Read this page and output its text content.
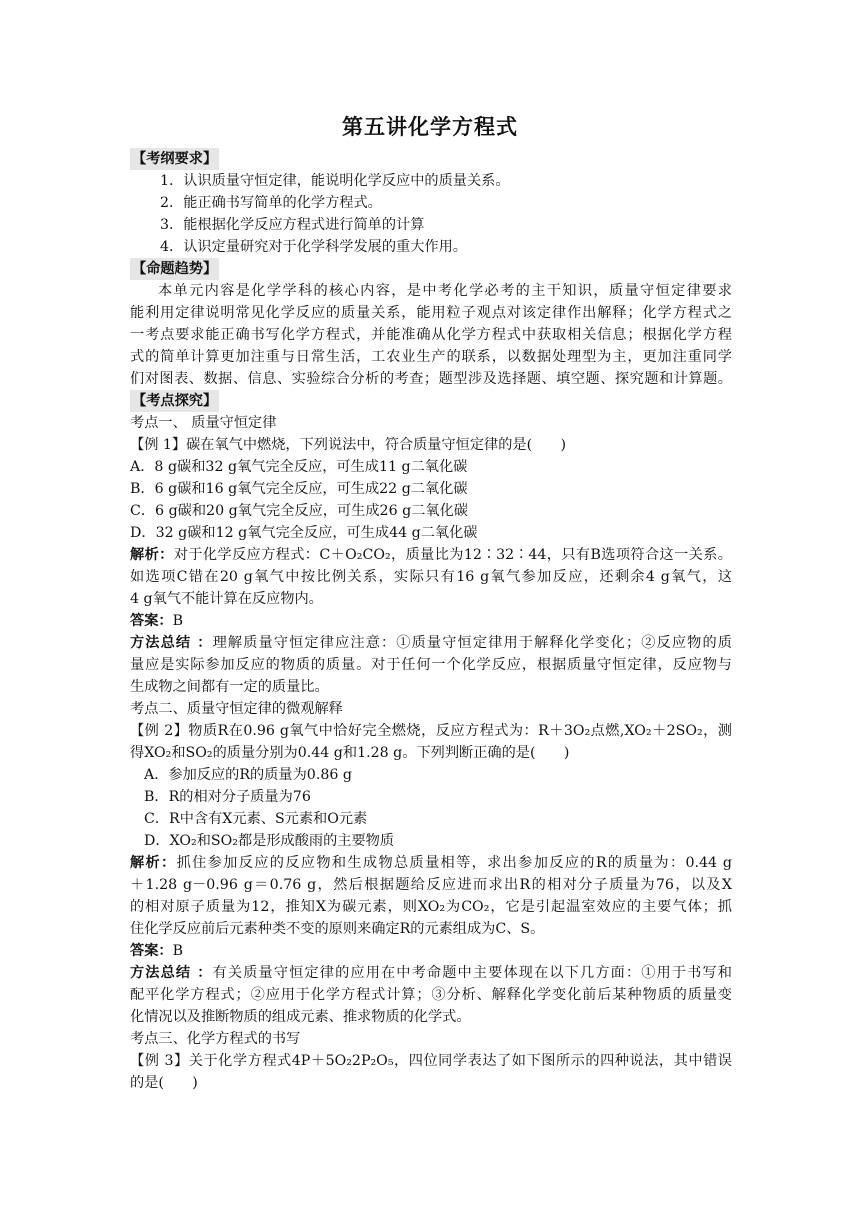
第五讲化学方程式
【考纲要求】
1．认识质量守恒定律，能说明化学反应中的质量关系。
2．能正确书写简单的化学方程式。
3．能根据化学反应方程式进行简单的计算
4．认识定量研究对于化学科学发展的重大作用。
【命题趋势】
本单元内容是化学学科的核心内容，是中考化学必考的主干知识，质量守恒定律要求
能利用定律说明常见化学反应的质量关系，能用粒子观点对该定律作出解释；化学方程式之
一考点要求能正确书写化学方程式，并能准确从化学方程式中获取相关信息；根据化学方程
式的简单计算更加注重与日常生活，工农业生产的联系，以数据处理型为主，更加注重同学
们对图表、数据、信息、实验综合分析的考查；题型涉及选择题、填空题、探究题和计算题。
【考点探究】
考点一、 质量守恒定律
【例 1】碳在氧气中燃烧，下列说法中，符合质量守恒定律的是(　　)
A．8 g碳和32 g氧气完全反应，可生成11 g二氧化碳
B．6 g碳和16 g氧气完全反应，可生成22 g二氧化碳
C．6 g碳和20 g氧气完全反应，可生成26 g二氧化碳
D．32 g碳和12 g氧气完全反应，可生成44 g二氧化碳
解析：对于化学反应方程式：C＋O₂CO₂，质量比为12∶32∶44，只有B选项符合这一关系。
如选项C错在20 g氧气中按比例关系，实际只有16 g氧气参加反应，还剩余4 g氧气，这
4 g氧气不能计算在反应物内。
答案：B
方法总结 ：理解质量守恒定律应注意：①质量守恒定律用于解释化学变化；②反应物的质
量应是实际参加反应的物质的质量。对于任何一个化学反应，根据质量守恒定律，反应物与
生成物之间都有一定的质量比。
考点二、质量守恒定律的微观解释
【例 2】物质R在0.96 g氧气中恰好完全燃烧，反应方程式为：R＋3O₂点燃,XO₂＋2SO₂，测
得XO₂和SO₂的质量分别为0.44 g和1.28 g。下列判断正确的是(　　)
A．参加反应的R的质量为0.86 g
B．R的相对分子质量为76
C．R中含有X元素、S元素和O元素
D．XO₂和SO₂都是形成酸雨的主要物质
解析：抓住参加反应的反应物和生成物总质量相等，求出参加反应的R的质量为：0.44 g
＋1.28 g－0.96 g＝0.76 g，然后根据题给反应进而求出R的相对分子质量为76，以及X
的相对原子质量为12，推知X为碳元素，则XO₂为CO₂，它是引起温室效应的主要气体；抓
住化学反应前后元素种类不变的原则来确定R的元素组成为C、S。
答案：B
方法总结 ：有关质量守恒定律的应用在中考命题中主要体现在以下几方面：①用于书写和
配平化学方程式；②应用于化学方程式计算；③分析、解释化学变化前后某种物质的质量变
化情况以及推断物质的组成元素、推求物质的化学式。
考点三、化学方程式的书写
【例 3】关于化学方程式4P＋5O₂2P₂O₅，四位同学表达了如下图所示的四种说法，其中错误
的是(　　)
